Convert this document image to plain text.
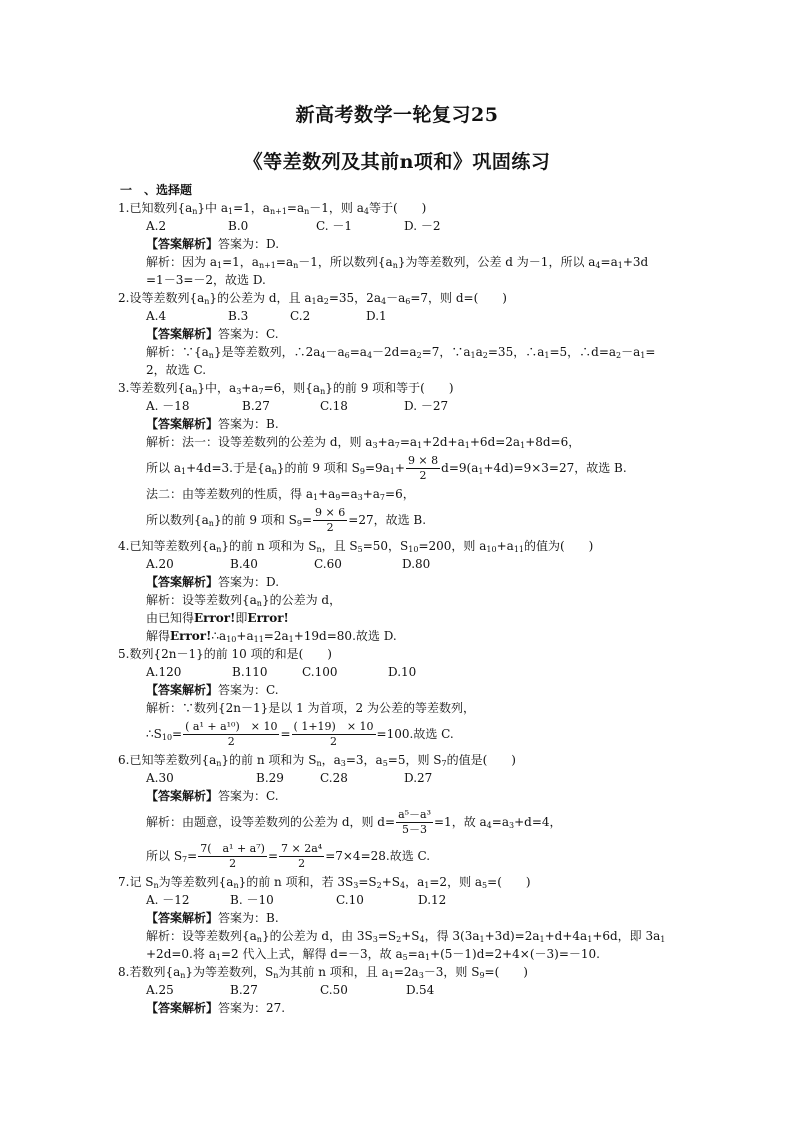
新高考数学一轮复习25
《等差数列及其前n项和》巩固练习
一　、选择题
1.已知数列$\{a_n\}$中 $a_1=1$，$a_{n+1}=a_n-1$，则 $a_4$等于(　　)
A.2	B.0	C. －1	D. －2
【答案解析】答案为：D.
解析：因为 $a_1=1$，$a_{n+1}=a_n-1$，所以数列$\{a_n\}$为等差数列，公差 d 为－1，所以 $a_4=a_1+3d$
=1－3=－2，故选 D.
2.设等差数列$\{a_n\}$的公差为 d，且 $a_1a_2=35$，$2a_4-a_6=7$，则 d=(　　)
A.4	B.3	C.2	D.1
【答案解析】答案为：C.
解析：$\because\{a_n\}$是等差数列，$\therefore 2a_4-a_6=a_4-2d=a_2=7$，$\because a_1a_2=35$，$\therefore a_1=5$，$\therefore d=a_2-a_1=$
2，故选 C.
3.等差数列$\{a_n\}$中，$a_3+a_7=6$，则$\{a_n\}$的前 9 项和等于(　　)
A. －18	B.27	C.18	D. －27
【答案解析】答案为：B.
解析：法一：设等差数列的公差为 d，则 $a_3+a_7=a_1+2d+a_1+6d=2a_1+8d=6$，
所以 $a_1+4d=3$.于是$\{a_n\}$的前 9 项和 $S_9=9a_1+ \frac{9 \times 8}{2} d=9(a_1+4d)=9\times 3=27$，故选 B.
法二：由等差数列的性质，得 $a_1+a_9=a_3+a_7=6$，
所以数列$\{a_n\}$的前 9 项和 $S_9= \frac{9 \times 6}{2} =27$，故选 B.
4.已知等差数列$\{a_n\}$的前 n 项和为 $S_n$，且 $S_5=50$，$S_{10}=200$，则 $a_{10}+a_{11}$的值为(　　)
A.20	B.40	C.60	D.80
【答案解析】答案为：D.
解析：设等差数列$\{a_n\}$的公差为 d，
由已知得Error!即Error!
解得$Error!\therefore a_{10}+a_{11}=2a_1+19d=80$.故选 D.
5.数列{2n－1}的前 10 项的和是(　　)
A.120	B.110	C.100	D.10
【答案解析】答案为：C.
解析：∵数列{2n－1}是以 1 为首项，2 为公差的等差数列，
$\therefore S_{10}= \frac{\text{( a¹ + a¹⁰)　× 10}}{2} = \frac{( 1+19) \times 10}{2} =100$.故选 C.
6.已知等差数列$\{a_n\}$的前 n 项和为 $S_n$，$a_3=3$，$a_5=5$，则 $S_7$的值是(　　)
A.30	B.29	C.28	D.27
【答案解析】答案为：C.
解析：由题意，设等差数列的公差为 d，则 $d= \frac{\text{a⁵－a³}}{5-3} =1$，故 $a_4=a_3+d=4$，
所以 $S_7= \frac{\text{7(　a¹ + a⁷)}}{2} = \frac{\text{7 × 2a⁴}}{2} =7\times 4=28$.故选 C.
7.记 $S_n$为等差数列$\{a_n\}$的前 n 项和，若 $3S_3=S_2+S_4$，$a_1=2$，则 $a_5=$(　　)
A. －12	B. －10	C.10	D.12
【答案解析】答案为：B.
解析：设等差数列$\{a_n\}$的公差为 d，由 $3S_3=S_2+S_4$，得 $3(3a_1+3d)=2a_1+d+4a_1+6d$，即 $3a_1$
+2d=0.将 $a_1=2$ 代入上式，解得 d=－3，故 $a_5=a_1+(5-1)d=2+4\times(-3)=-10$.
8.若数列$\{a_n\}$为等差数列，$S_n$为其前 n 项和，且 $a_1=2a_3-3$，则 $S_9=$(　　)
A.25	B.27	C.50	D.54
【答案解析】答案为：27.
